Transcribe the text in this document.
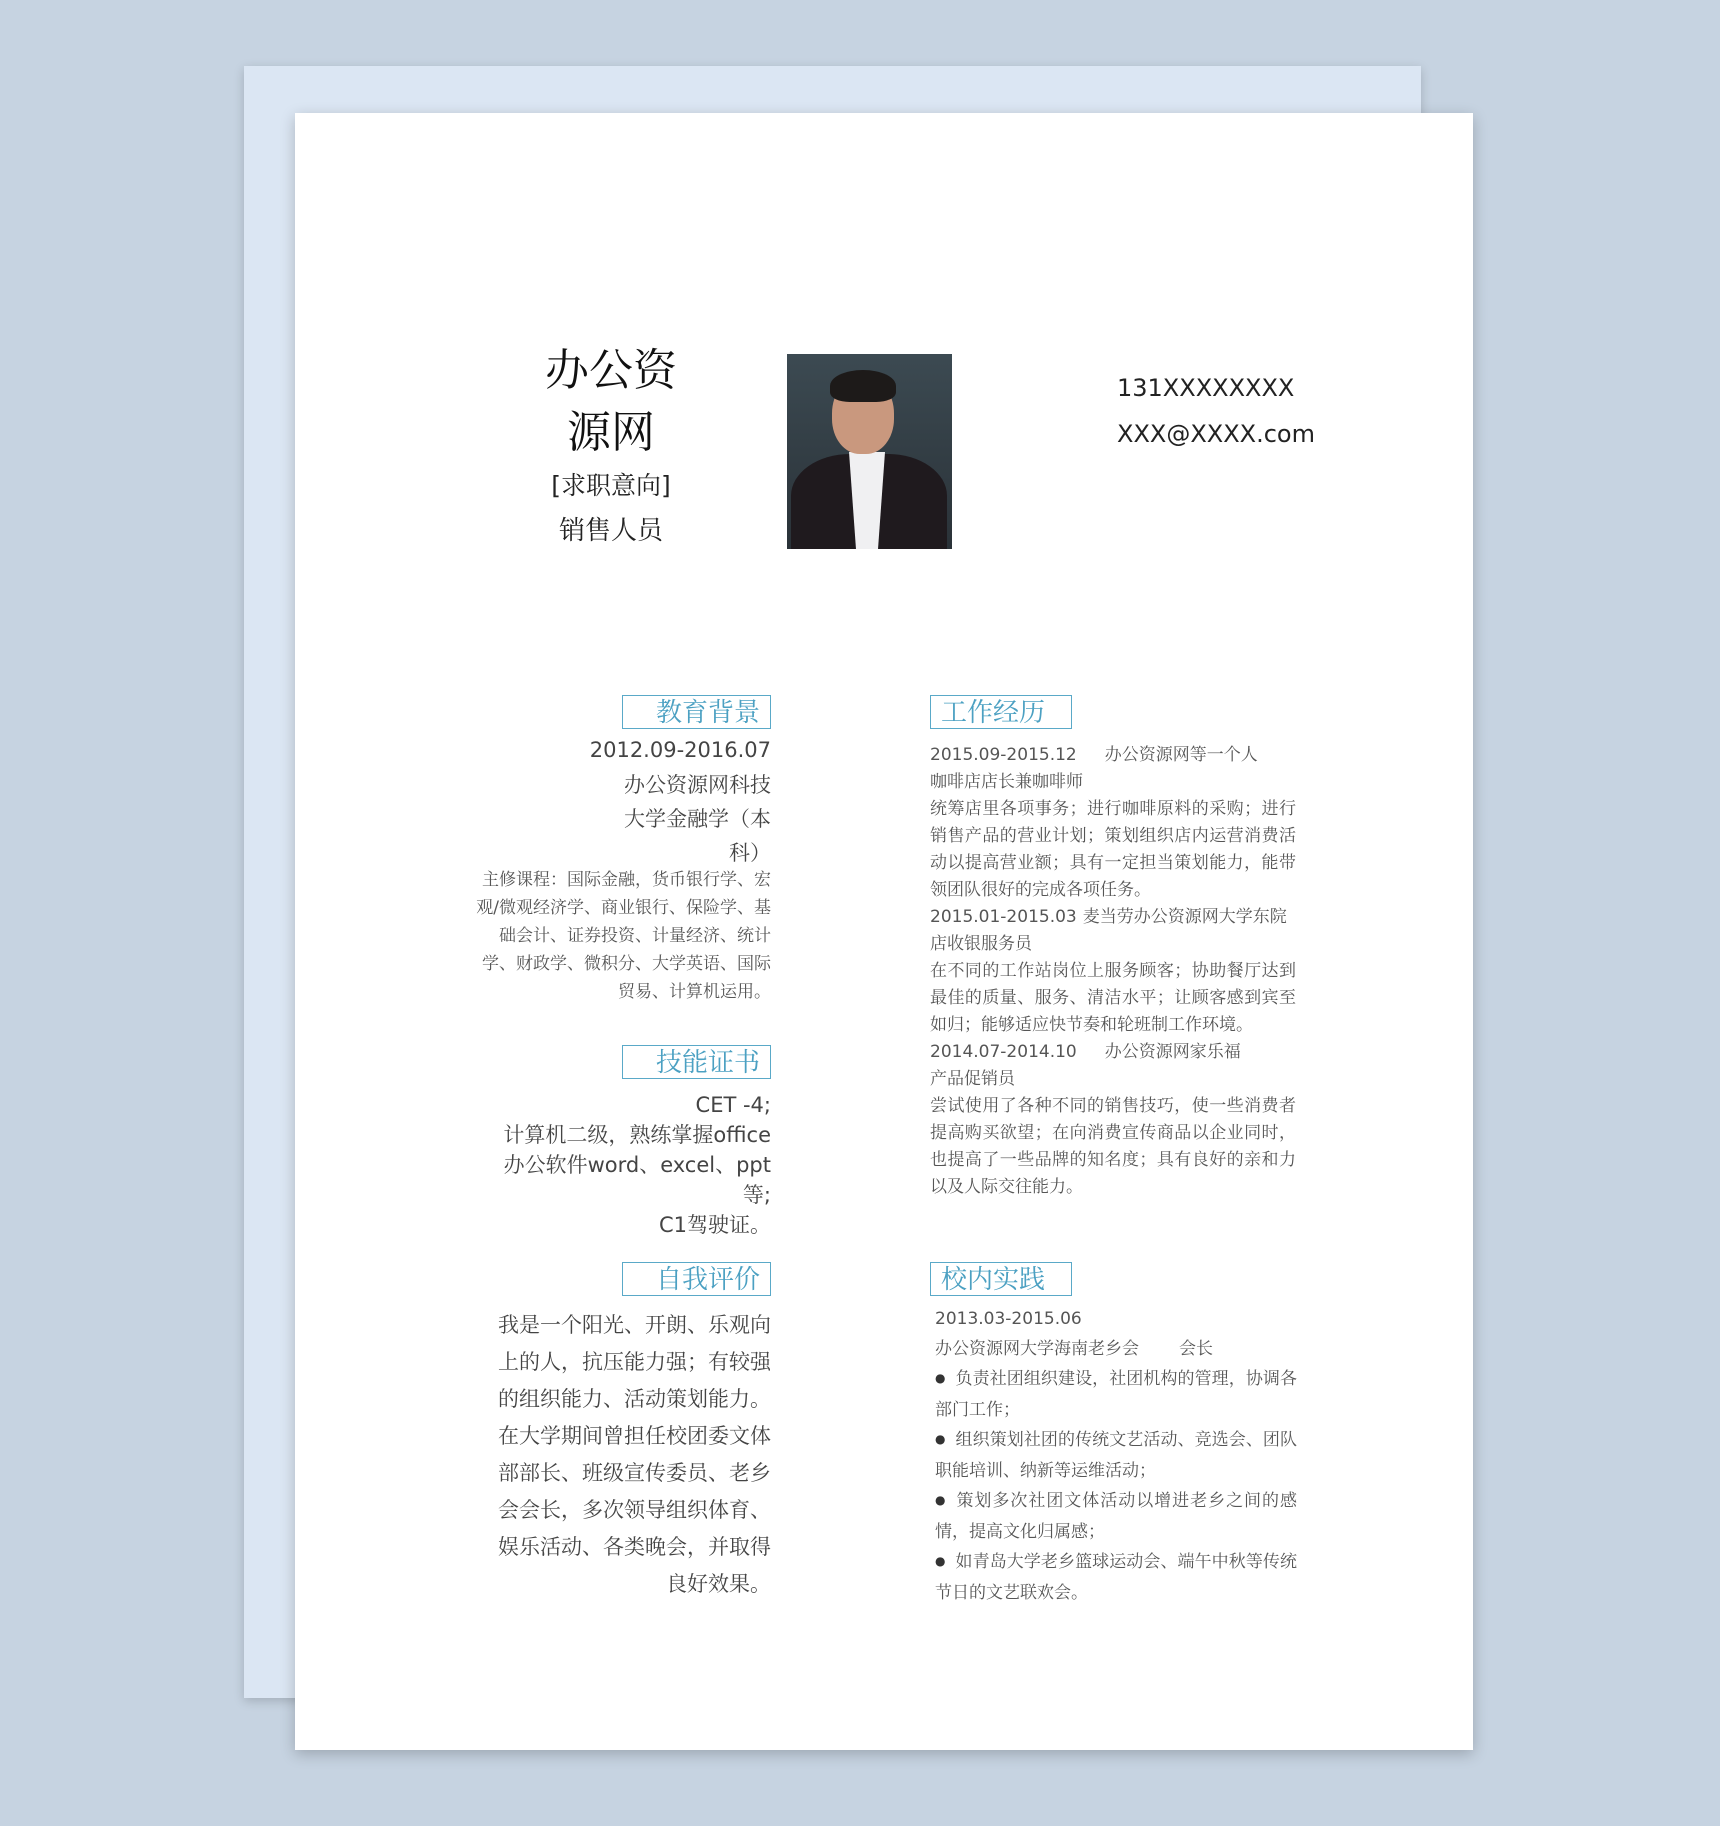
办公资源网
[求职意向]
销售人员
131XXXXXXXX
XXX@XXXX.com
教育背景
2012.09-2016.07
办公资源网科技大学金融学（本科）
主修课程：国际金融，货币银行学、宏观/微观经济学、商业银行、保险学、基础会计、证券投资、计量经济、统计学、财政学、微积分、大学英语、国际贸易、计算机运用。
技能证书
CET -4;
计算机二级，熟练掌握office办公软件word、excel、ppt等;
C1驾驶证。
自我评价
我是一个阳光、开朗、乐观向上的人，抗压能力强；有较强的组织能力、活动策划能力。
在大学期间曾担任校团委文体部部长、班级宣传委员、老乡会会长，多次领导组织体育、娱乐活动、各类晚会，并取得良好效果。
工作经历
2015.09-2015.12 办公资源网等一个人
咖啡店店长兼咖啡师
统筹店里各项事务；进行咖啡原料的采购；进行销售产品的营业计划；策划组织店内运营消费活动以提高营业额；具有一定担当策划能力，能带领团队很好的完成各项任务。
2015.01-2015.03 麦当劳办公资源网大学东院
店收银服务员
在不同的工作站岗位上服务顾客；协助餐厅达到最佳的质量、服务、清洁水平；让顾客感到宾至如归；能够适应快节奏和轮班制工作环境。
2014.07-2014.10 办公资源网家乐福
产品促销员
尝试使用了各种不同的销售技巧，使一些消费者提高购买欲望；在向消费宣传商品以企业同时，也提高了一些品牌的知名度；具有良好的亲和力以及人际交往能力。
校内实践
2013.03-2015.06
办公资源网大学海南老乡会 会长
● 负责社团组织建设，社团机构的管理，协调各部门工作；
● 组织策划社团的传统文艺活动、竞选会、团队职能培训、纳新等运维活动；
● 策划多次社团文体活动以增进老乡之间的感情，提高文化归属感；
● 如青岛大学老乡篮球运动会、端午中秋等传统节日的文艺联欢会。
